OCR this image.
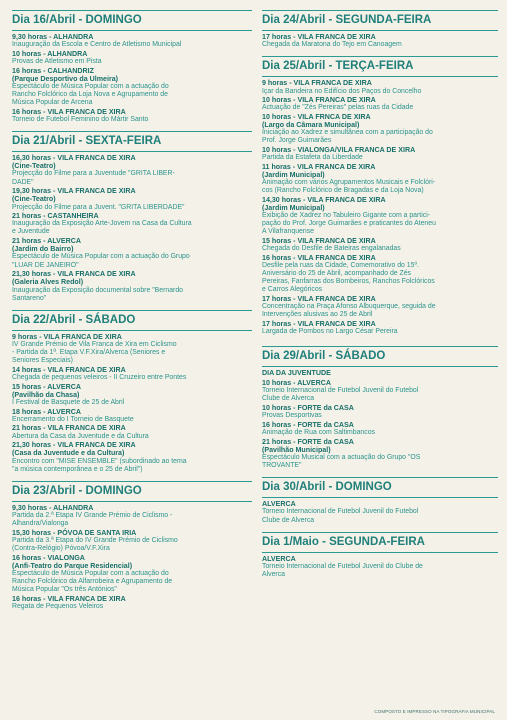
Dia 16/Abril - DOMINGO
9,30 horas - ALHANDRA
Inauguração da Escola e Centro de Atletismo Municipal
10 horas - ALHANDRA
Provas de Atletismo em Pista
16 horas - CALHANDRIZ
(Parque Desportivo da Ulmeira)
Espectáculo de Música Popular com a actuação do
Rancho Folclórico da Loja Nova e Agrupamento de
Música Popular de Arcena
16 horas - VILA FRANCA DE XIRA
Torneio de Futebol Feminino do Mártir Santo
Dia 21/Abril - SEXTA-FEIRA
16,30 horas - VILA FRANCA DE XIRA
(Cine-Teatro)
Projecção do Filme para a Juventude "GRITA LIBER-
DADE"
19,30 horas - VILA FRANCA DE XIRA
(Cine-Teatro)
Projecção do Filme para a Juvent. "GRITA LIBERDADE"
21 horas - CASTANHEIRA
Inauguração da Exposição Arte-Jovem na Casa da Cultura
e Juventude
21 horas - ALVERCA
(Jardim do Bairro)
Espectáculo de Música Popular com a actuação do Grupo
"LUAR DE JANEIRO"
21,30 horas - VILA FRANCA DE XIRA
(Galeria Alves Redol)
Inauguração da Exposição documental sobre "Bernardo
Santareno"
Dia 22/Abril - SÁBADO
9 horas - VILA FRANCA DE XIRA
IV Grande Prémio de Vila Franca de Xira em Ciclismo
- Partida da 1ª. Etapa V.F.Xira/Alverca (Seniores e
Seniores Especiais)
14 horas - VILA FRANCA DE XIRA
Chegada de pequenos veleiros - II Cruzeiro entre Pontes
15 horas - ALVERCA
(Pavilhão da Chasa)
I Festival de Basquete de 25 de Abril
18 horas - ALVERCA
Encerramento do I Torneio de Basquete
21 horas - VILA FRANCA DE XIRA
Abertura da Casa da Juventude e da Cultura
21,30 horas - VILA FRANCA DE XIRA
(Casa da Juventude e da Cultura)
Encontro com "MISE ENSEMBLE" (subordinado ao tema
"a música contemporânea e o 25 de Abril")
Dia 23/Abril - DOMINGO
9,30 horas - ALHANDRA
Partida da 2.ª Etapa IV Grande Prémio de Ciclismo -
Alhandra/Vialonga
15,30 horas - PÓVOA DE SANTA IRIA
Partida da 3.ª Etapa do IV Grande Prémio de Ciclismo
(Contra-Relógio) Póvoa/V.F.Xira
16 horas - VIALONGA
(Anfi-Teatro do Parque Residencial)
Espectáculo de Música Popular com a actuação do
Rancho Folclórico da Alfarrobeira e Agrupamento de
Música Popular "Os três Antónios"
16 horas - VILA FRANCA DE XIRA
Regata de Pequenos Veleiros
Dia 24/Abril - SEGUNDA-FEIRA
17 horas - VILA FRANCA DE XIRA
Chegada da Maratona do Tejo em Canoagem
Dia 25/Abril - TERÇA-FEIRA
9 horas - VILA FRANCA DE XIRA
Içar da Bandeira no Edifício dos Paços do Concelho
10 horas - VILA FRANCA DE XIRA
Actuação de "Zés Pereiras" pelas ruas da Cidade
10 horas - VILA FRNCA DE XIRA
(Largo da Câmara Municipal)
Iniciação ao Xadrez e simultânea com a participação do
Prof. Jorge Guimarães
10 horas - VIALONGA/VILA FRANCA DE XIRA
Partida da Estafeta da Liberdade
11 horas - VILA FRANCA DE XIRA
(Jardim Municipal)
Animação com vários Agrupamentos Musicais e Folclóri-
cos (Rancho Folclórico de Bragadas e da Loja Nova)
14,30 horas - VILA FRANCA DE XIRA
(Jardim Municipal)
Exibição de Xadrez no Tabuleiro Gigante com a partici-
pação do Prof. Jorge Guimarães e praticantes do Ateneu
A Vilafranquense
15 horas - VILA FRANCA DE XIRA
Chegada do Desfile de Bateiras engalanadas
16 horas - VILA FRANCA DE XIRA
Desfile pela ruas da Cidade, Comemorativo do 15º.
Aniversário do 25 de Abril, acompanhado de Zés
Pereiras, Fanfarras dos Bombeiros, Ranchos Folclóricos
e Carros Alegóricos
17 horas - VILA FRANCA DE XIRA
Concentração na Praça Afonso Albuquerque, seguida de
Intervenções alusivas ao 25 de Abril
17 horas - VILA FRANCA DE XIRA
Largada de Pombos no Largo César Pereira
Dia 29/Abril - SÁBADO
DIA DA JUVENTUDE
10 horas - ALVERCA
Torneio Internacional de Futebol Juvenil do Futebol
Clube de Alverca
10 horas - FORTE da CASA
Provas Desportivas
16 horas - FORTE da CASA
Animação de Rua com Saltimbancos
21 horas - FORTE da CASA
(Pavilhão Municipal)
Espectáculo Musical com a actuação do Grupo "OS
TROVANTE"
Dia 30/Abril - DOMINGO
ALVERCA
Torneio Internacional de Futebol Juvenil do Futebol
Clube de Alverca
Dia 1/Maio - SEGUNDA-FEIRA
ALVERCA
Torneio Internacional de Futebol Juvenil do Clube de
Alverca
COMPOSTO E IMPRESSO NA TIPOGRAFIA MUNICIPAL
